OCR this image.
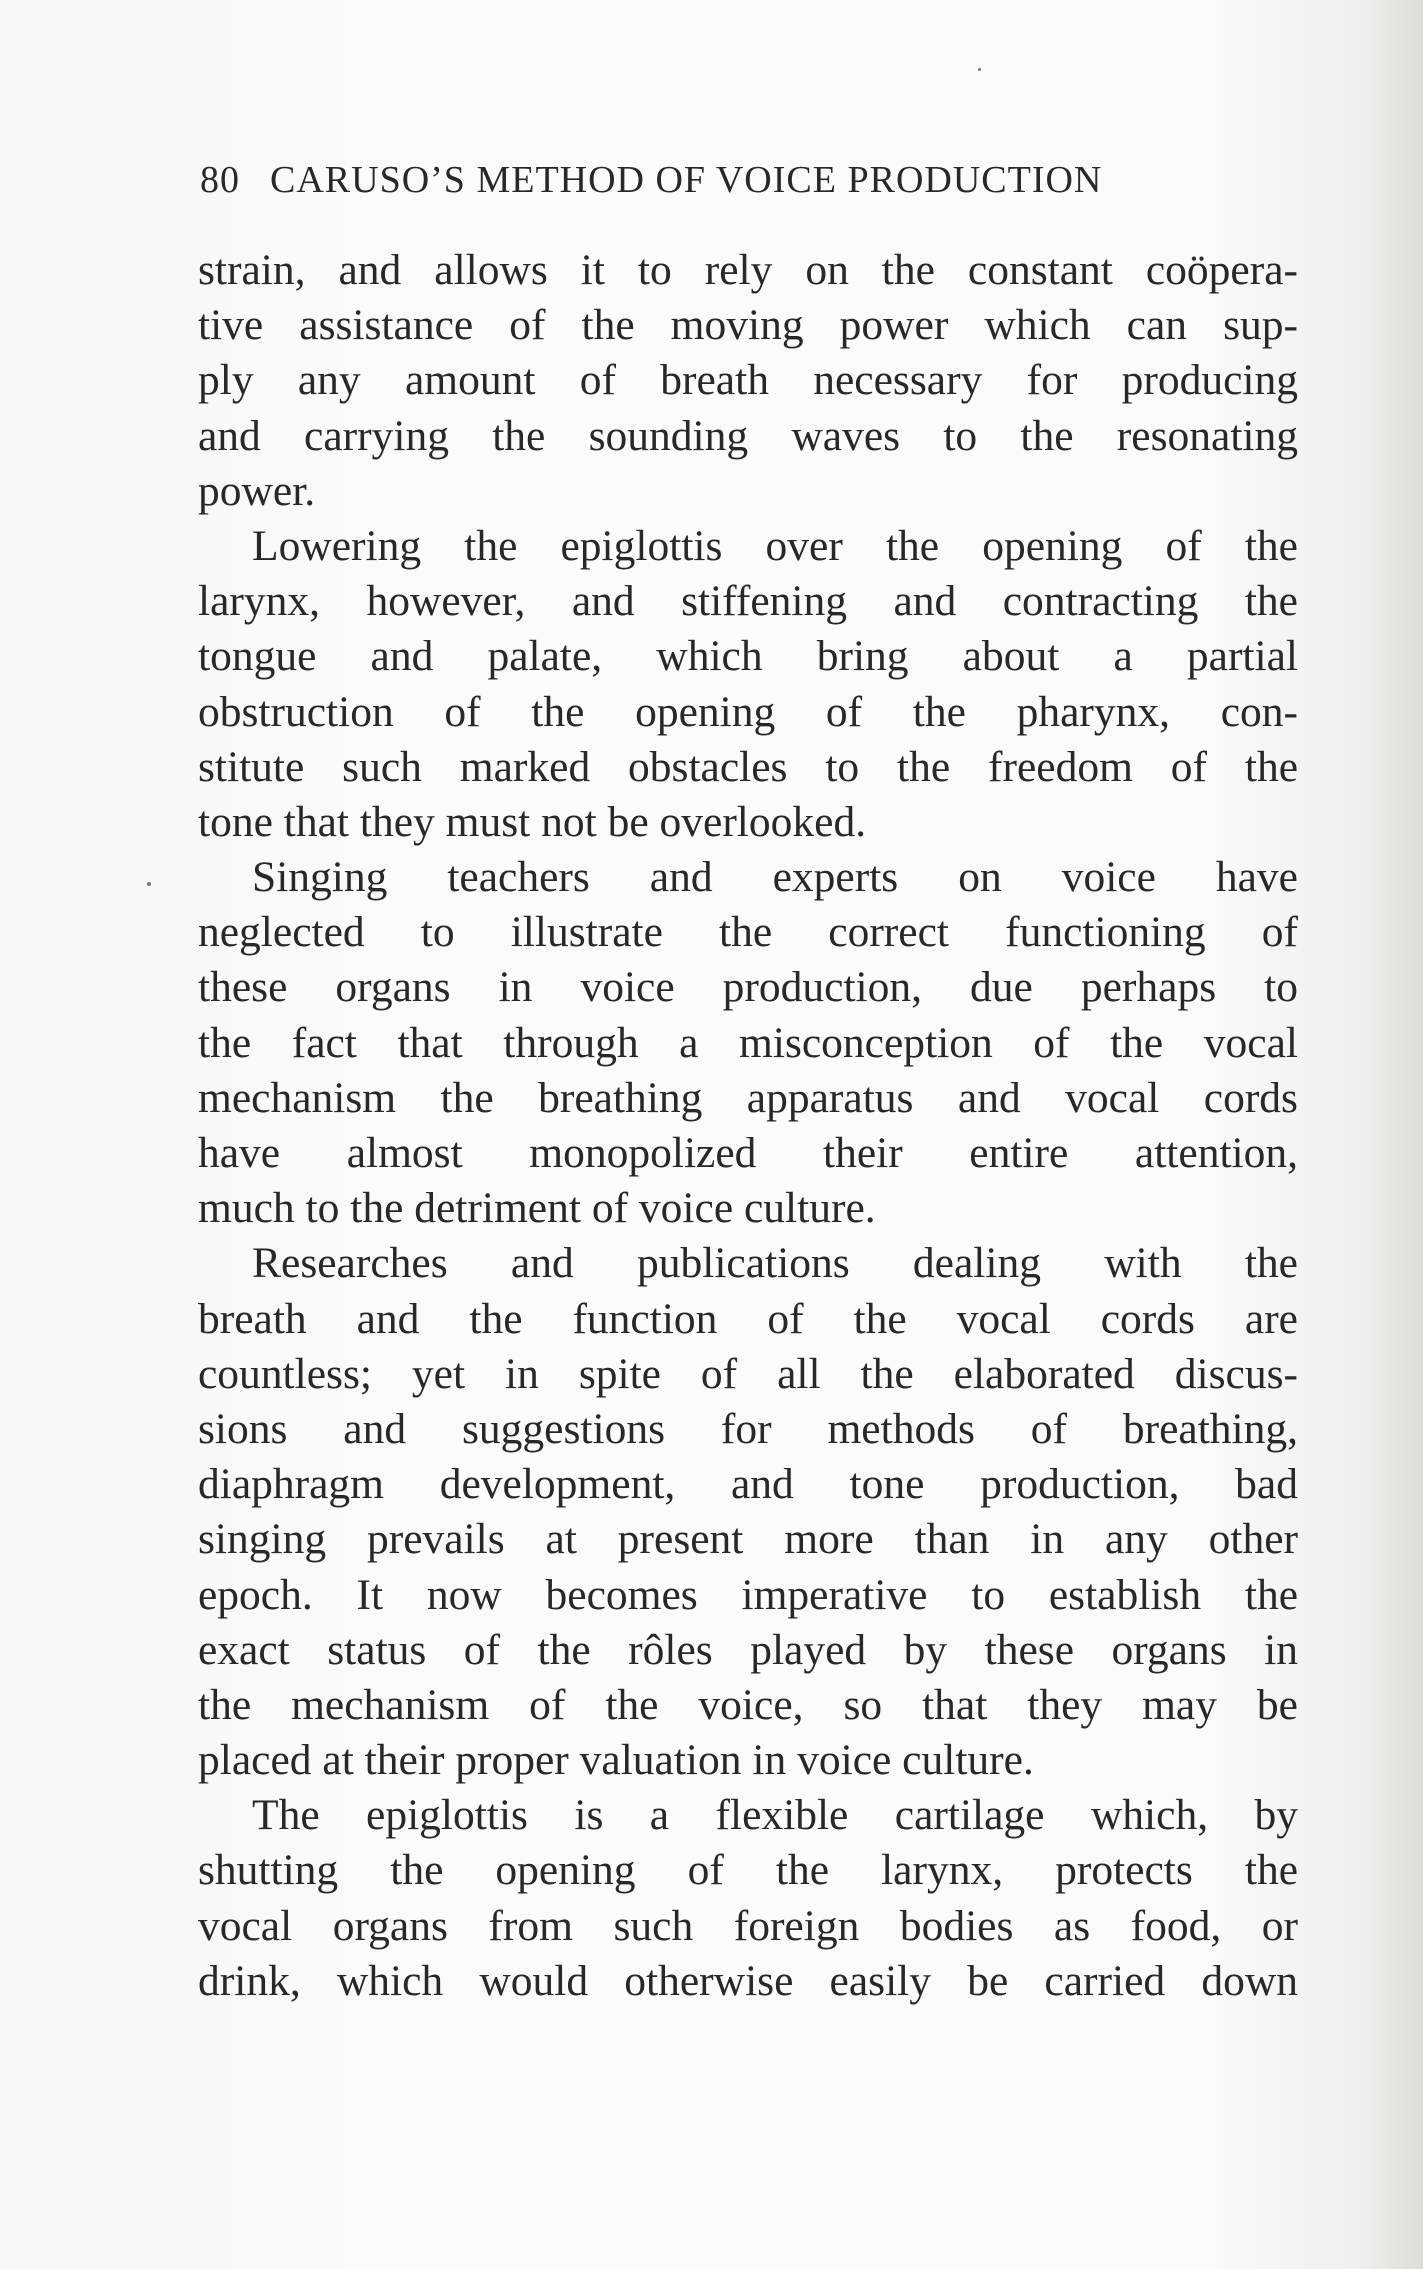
80 CARUSO’S METHOD OF VOICE PRODUCTION
strain, and allows it to rely on the constant coöpera-
tive assistance of the moving power which can sup-
ply any amount of breath necessary for producing
and carrying the sounding waves to the resonating
power.
Lowering the epiglottis over the opening of the
larynx, however, and stiffening and contracting the
tongue and palate, which bring about a partial
obstruction of the opening of the pharynx, con-
stitute such marked obstacles to the freedom of the
tone that they must not be overlooked.
Singing teachers and experts on voice have
neglected to illustrate the correct functioning of
these organs in voice production, due perhaps to
the fact that through a misconception of the vocal
mechanism the breathing apparatus and vocal cords
have almost monopolized their entire attention,
much to the detriment of voice culture.
Researches and publications dealing with the
breath and the function of the vocal cords are
countless; yet in spite of all the elaborated discus-
sions and suggestions for methods of breathing,
diaphragm development, and tone production, bad
singing prevails at present more than in any other
epoch. It now becomes imperative to establish the
exact status of the rôles played by these organs in
the mechanism of the voice, so that they may be
placed at their proper valuation in voice culture.
The epiglottis is a flexible cartilage which, by
shutting the opening of the larynx, protects the
vocal organs from such foreign bodies as food, or
drink, which would otherwise easily be carried down
